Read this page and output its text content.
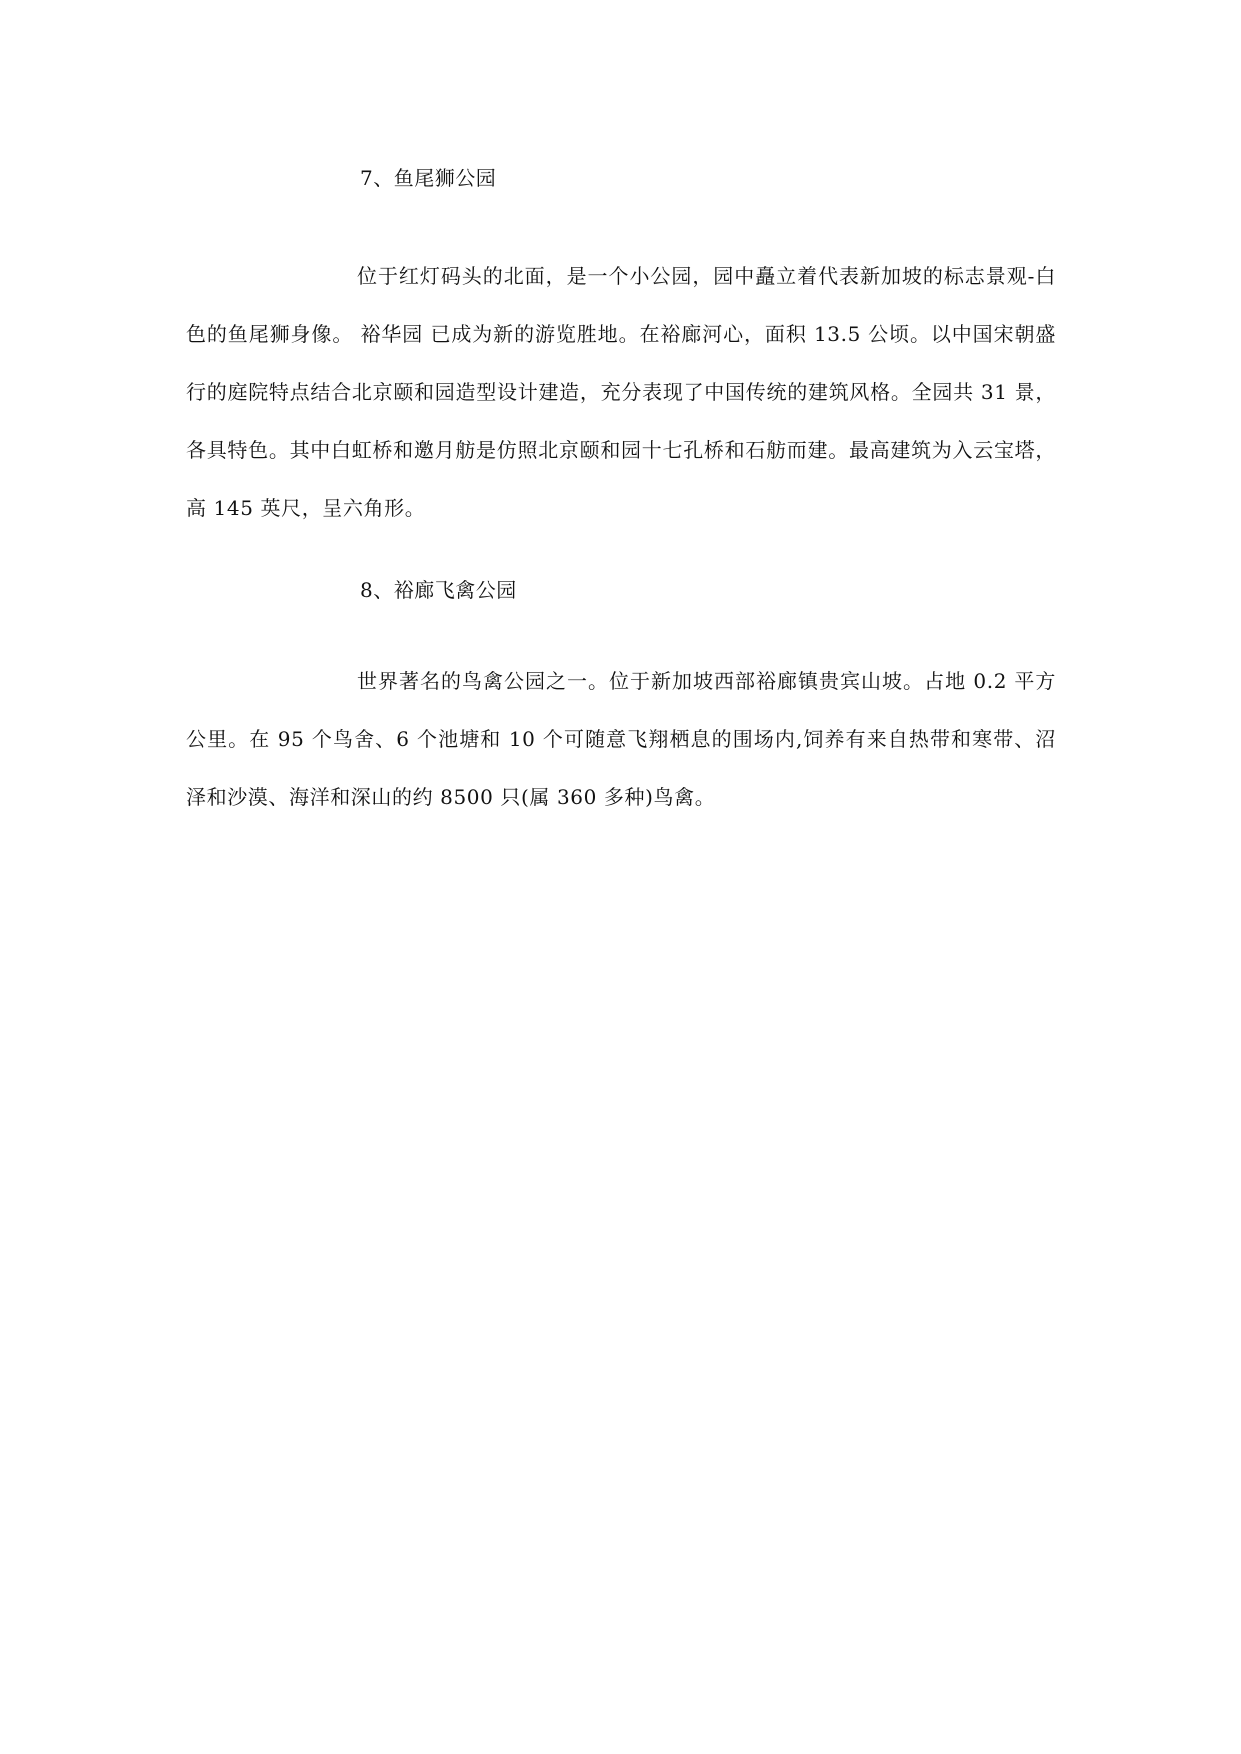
7、鱼尾狮公园

位于红灯码头的北面，是一个小公园，园中矗立着代表新加坡的标志景观-白色的鱼尾狮身像。 裕华园 已成为新的游览胜地。在裕廊河心，面积 13.5 公顷。以中国宋朝盛行的庭院特点结合北京颐和园造型设计建造，充分表现了中国传统的建筑风格。全园共 31 景，各具特色。其中白虹桥和邀月舫是仿照北京颐和园十七孔桥和石舫而建。最高建筑为入云宝塔，高 145 英尺，呈六角形。

8、裕廊飞禽公园

世界著名的鸟禽公园之一。位于新加坡西部裕廊镇贵宾山坡。占地 0.2 平方公里。在 95 个鸟舍、6 个池塘和 10 个可随意飞翔栖息的围场内,饲养有来自热带和寒带、沼泽和沙漠、海洋和深山的约 8500 只(属 360 多种)鸟禽。
